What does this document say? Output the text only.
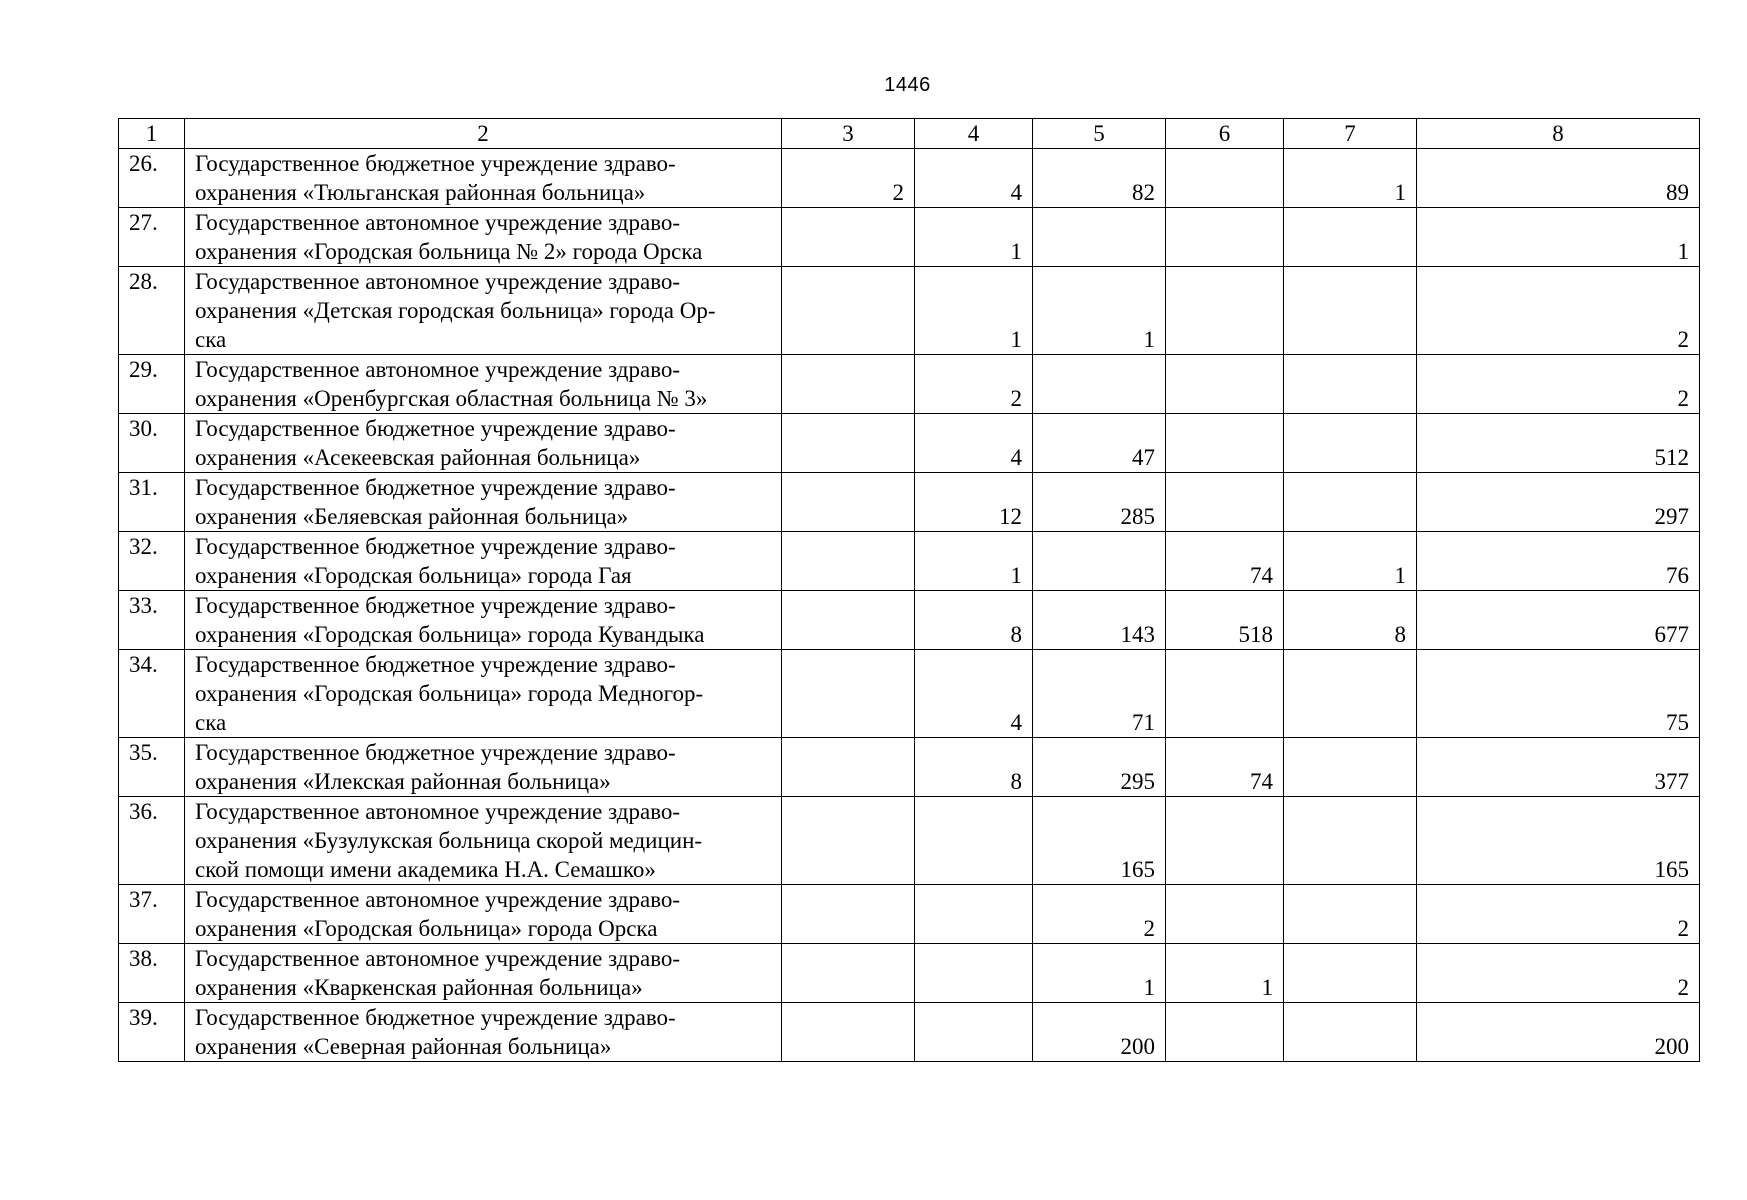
1446
1	2	3	4	5	6	7	8
26.	Государственное бюджетное учреждение здраво-
охранения «Тюльганская районная больница»	2	4	82		1	89
27.	Государственное автономное учреждение здраво-
охранения «Городская больница № 2» города Орска		1				1
28.	Государственное автономное учреждение здраво-
охранения «Детская городская больница» города Ор-
ска		1	1			2
29.	Государственное автономное учреждение здраво-
охранения «Оренбургская областная больница № 3»		2				2
30.	Государственное бюджетное учреждение здраво-
охранения «Асекеевская районная больница»		4	47			512
31.	Государственное бюджетное учреждение здраво-
охранения «Беляевская районная больница»		12	285			297
32.	Государственное бюджетное учреждение здраво-
охранения «Городская больница» города Гая		1		74	1	76
33.	Государственное бюджетное учреждение здраво-
охранения «Городская больница» города Кувандыка		8	143	518	8	677
34.	Государственное бюджетное учреждение здраво-
охранения «Городская больница» города Медногор-
ска		4	71			75
35.	Государственное бюджетное учреждение здраво-
охранения «Илекская районная больница»		8	295	74		377
36.	Государственное автономное учреждение здраво-
охранения «Бузулукская больница скорой медицин-
ской помощи имени академика Н.А. Семашко»			165			165
37.	Государственное автономное учреждение здраво-
охранения «Городская больница» города Орска			2			2
38.	Государственное автономное учреждение здраво-
охранения «Кваркенская районная больница»			1	1		2
39.	Государственное бюджетное учреждение здраво-
охранения «Северная районная больница»			200			200
